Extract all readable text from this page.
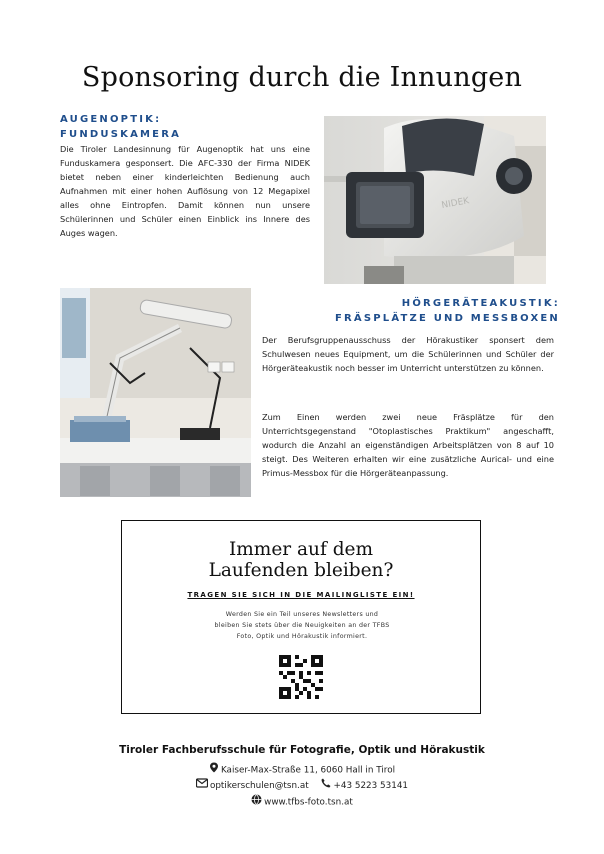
Sponsoring durch die Innungen
AUGENOPTIK:
FUNDUSKAMERA
Die Tiroler Landesinnung für Augenoptik hat uns eine Funduskamera gesponsert. Die AFC-330 der Firma NIDEK bietet neben einer kinderleichten Bedienung auch Aufnahmen mit einer hohen Auflösung von 12 Megapixel alles ohne Eintropfen. Damit können nun unsere Schülerinnen und Schüler einen Einblick ins Innere des Auges wagen.
NIDEK
HÖRGERÄTEAKUSTIK:
FRÄSPLÄTZE UND MESSBOXEN
Der Berufsgruppenausschuss der Hörakustiker sponsert dem Schulwesen neues Equipment, um die Schülerinnen und Schüler der Hörgeräteakustik noch besser im Unterricht unterstützen zu können.
Zum Einen werden zwei neue Fräsplätze für den Unterrichtsgegenstand "Otoplastisches Praktikum" angeschafft, wodurch die Anzahl an eigenständigen Arbeitsplätzen von 8 auf 10 steigt. Des Weiteren erhalten wir eine zusätzliche Aurical- und eine Primus-Messbox für die Hörgeräteanpassung.
Immer auf dem
Laufenden bleiben?
TRAGEN SIE SICH IN DIE MAILINGLISTE EIN!
Werden Sie ein Teil unseres Newsletters und
bleiben Sie stets über die Neuigkeiten an der TFBS
Foto, Optik und Hörakustik informiert.
Tiroler Fachberufsschule für Fotografie, Optik und Hörakustik
Kaiser-Max-Straße 11, 6060 Hall in Tirol
optikerschulen@tsn.at	+43 5223 53141
www.tfbs-foto.tsn.at
